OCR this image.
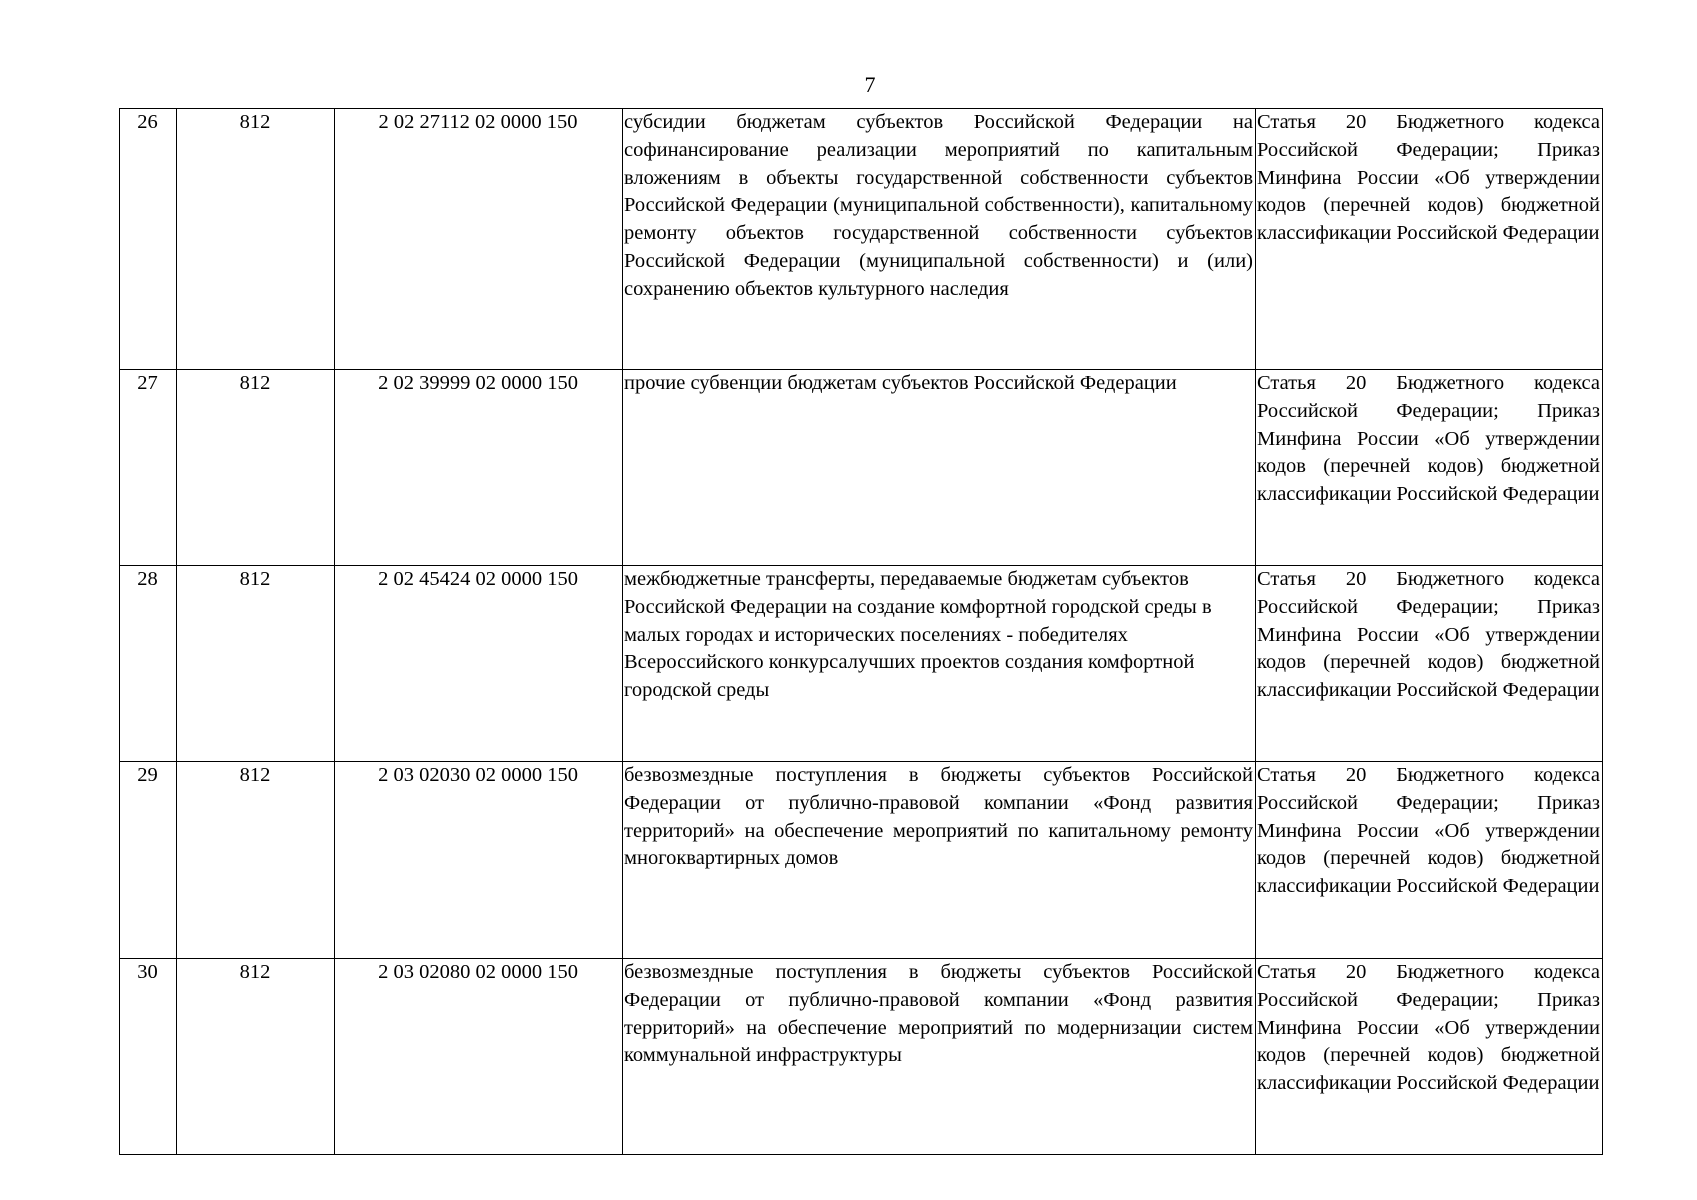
7
26	812	2 02 27112 02 0000 150	субсидии бюджетам субъектов Российской Федерации на софинансирование реализации мероприятий по капитальным вложениям в объекты государственной собственности субъектов Российской Федерации (муниципальной собственности), капитальному ремонту объектов государственной собственности субъектов Российской Федерации (муниципальной собственности) и (или) сохранению объектов культурного наследия	Статья 20 Бюджетного кодекса Российской Федерации; Приказ Минфина России «Об утверждении кодов (перечней кодов) бюджетной классификации Российской Федерации
27	812	2 02 39999 02 0000 150	прочие субвенции бюджетам субъектов Российской Федерации	Статья 20 Бюджетного кодекса Российской Федерации; Приказ Минфина России «Об утверждении кодов (перечней кодов) бюджетной классификации Российской Федерации
28	812	2 02 45424 02 0000 150	межбюджетные трансферты, передаваемые бюджетам субъектов Российской Федерации на создание комфортной городской среды в малых городах и исторических поселениях - победителях Всероссийского конкурсалучших проектов создания комфортной городской среды	Статья 20 Бюджетного кодекса Российской Федерации; Приказ Минфина России «Об утверждении кодов (перечней кодов) бюджетной классификации Российской Федерации
29	812	2 03 02030 02 0000 150	безвозмездные поступления в бюджеты субъектов Российской Федерации от публично-правовой компании «Фонд развития территорий» на обеспечение мероприятий по капитальному ремонту многоквартирных домов	Статья 20 Бюджетного кодекса Российской Федерации; Приказ Минфина России «Об утверждении кодов (перечней кодов) бюджетной классификации Российской Федерации
30	812	2 03 02080 02 0000 150	безвозмездные поступления в бюджеты субъектов Российской Федерации от публично-правовой компании «Фонд развития территорий» на обеспечение мероприятий по модернизации систем коммунальной инфраструктуры	Статья 20 Бюджетного кодекса Российской Федерации; Приказ Минфина России «Об утверждении кодов (перечней кодов) бюджетной классификации Российской Федерации
